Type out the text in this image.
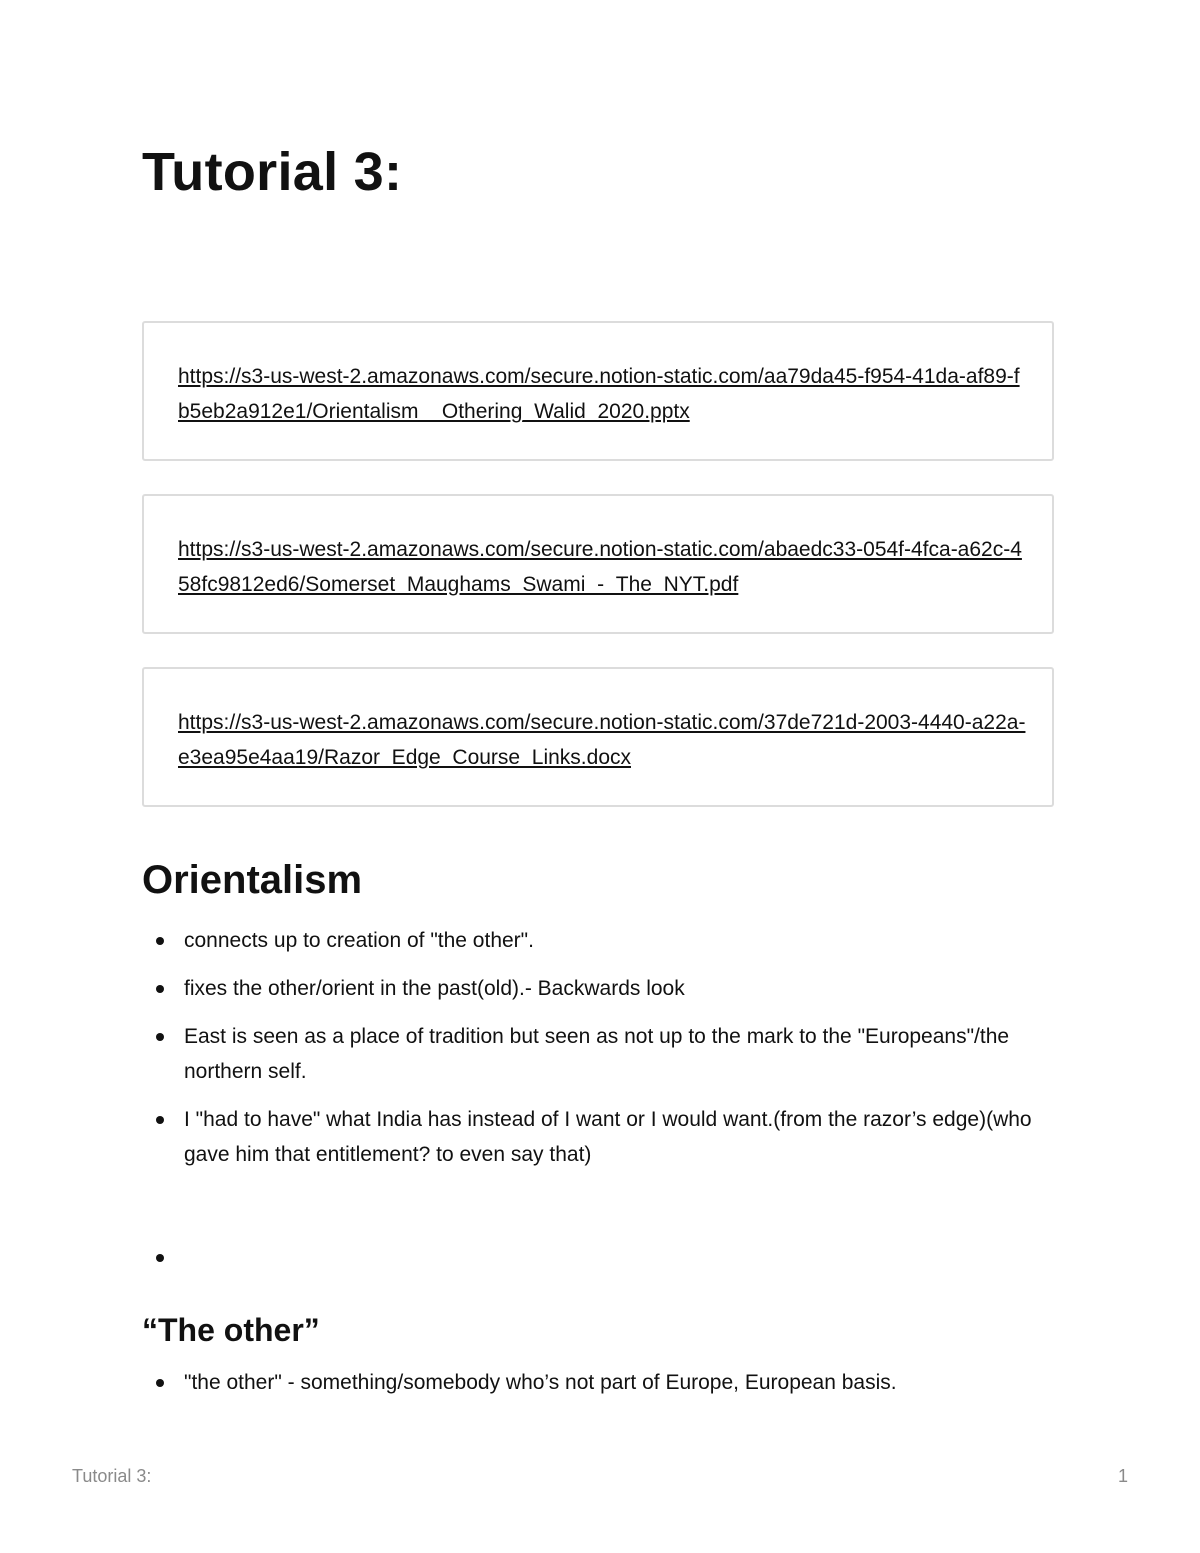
Tutorial 3:
https://s3-us-west-2.amazonaws.com/secure.notion-static.com/aa79da45-f954-41da-af89-fb5eb2a912e1/Orientalism__Othering_Walid_2020.pptx
https://s3-us-west-2.amazonaws.com/secure.notion-static.com/abaedc33-054f-4fca-a62c-458fc9812ed6/Somerset_Maughams_Swami_-_The_NYT.pdf
https://s3-us-west-2.amazonaws.com/secure.notion-static.com/37de721d-2003-4440-a22a-e3ea95e4aa19/Razor_Edge_Course_Links.docx
Orientalism
connects up to creation of "the other".
fixes the other/orient in the past(old).- Backwards look
East is seen as a place of tradition but seen as not up to the mark to the "Europeans"/the northern self.
I "had to have" what India has instead of I want or I would want.(from the razor’s edge)(who gave him that entitlement? to even say that)

“The other”
"the other" - something/somebody who’s not part of Europe, European basis.
Tutorial 3:	1
